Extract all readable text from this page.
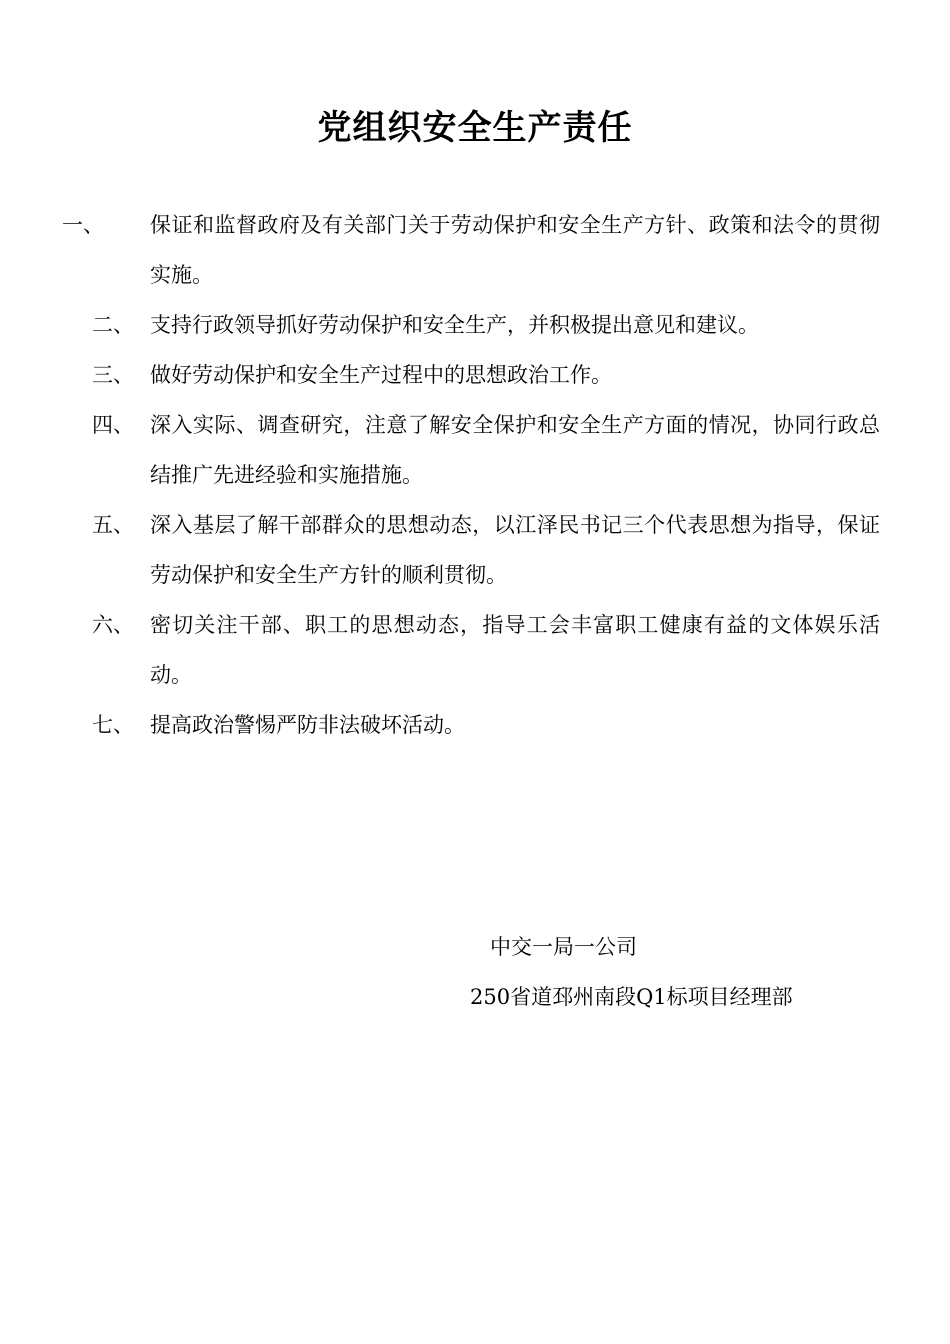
党组织安全生产责任
一、 保证和监督政府及有关部门关于劳动保护和安全生产方针、政策和法令的贯彻实施。
二、 支持行政领导抓好劳动保护和安全生产，并积极提出意见和建议。
三、 做好劳动保护和安全生产过程中的思想政治工作。
四、 深入实际、调查研究，注意了解安全保护和安全生产方面的情况，协同行政总结推广先进经验和实施措施。
五、 深入基层了解干部群众的思想动态，以江泽民书记三个代表思想为指导，保证劳动保护和安全生产方针的顺利贯彻。
六、 密切关注干部、职工的思想动态，指导工会丰富职工健康有益的文体娱乐活动。
七、 提高政治警惕严防非法破坏活动。
中交一局一公司
250省道邳州南段Q1标项目经理部
